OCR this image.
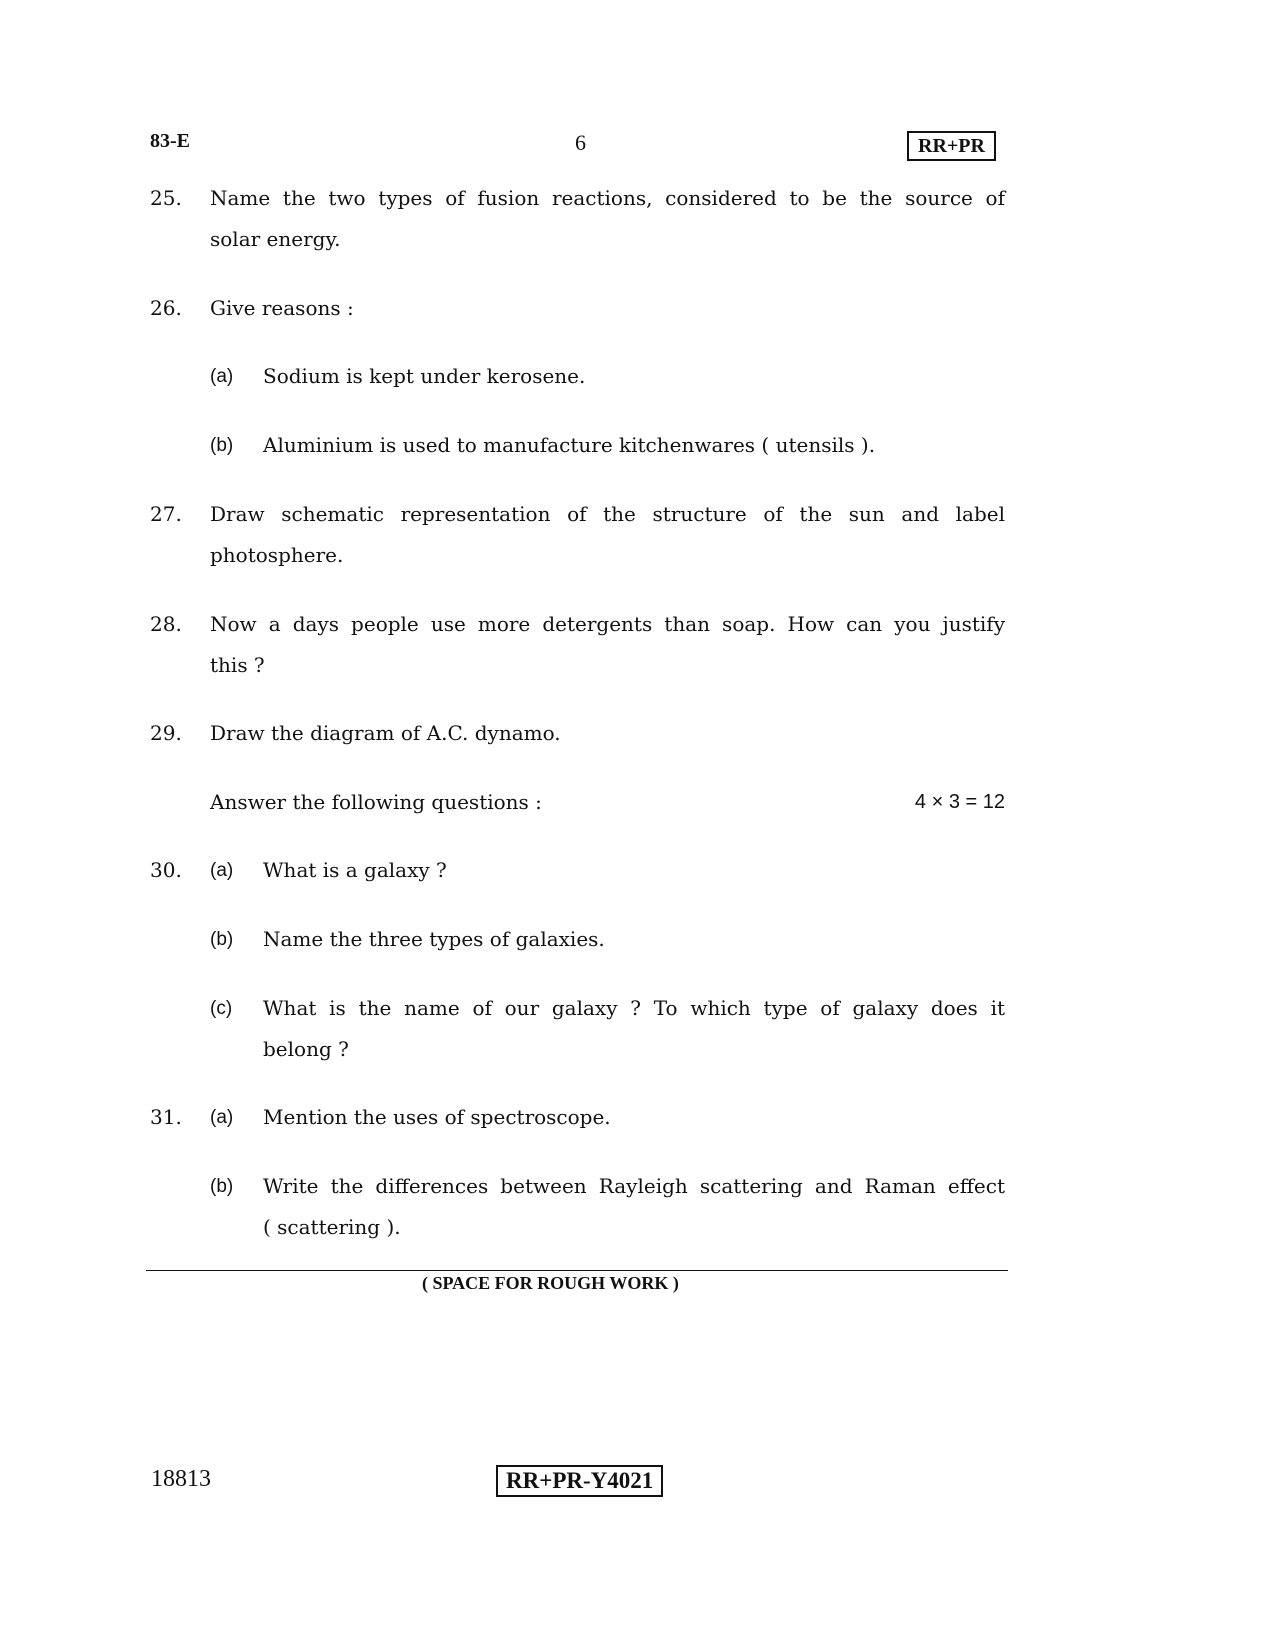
83-E	6	RR+PR
25. Name the two types of fusion reactions, considered to be the source of
solar energy.
26. Give reasons :
(a) Sodium is kept under kerosene.
(b) Aluminium is used to manufacture kitchenwares ( utensils ).
27. Draw schematic representation of the structure of the sun and label
photosphere.
28. Now a days people use more detergents than soap. How can you justify
this ?
29. Draw the diagram of A.C. dynamo.
Answer the following questions :	4 × 3 = 12
30. (a) What is a galaxy ?
(b) Name the three types of galaxies.
(c) What is the name of our galaxy ? To which type of galaxy does it
belong ?
31. (a) Mention the uses of spectroscope.
(b) Write the differences between Rayleigh scattering and Raman effect
( scattering ).
( SPACE FOR ROUGH WORK )
18813	RR+PR-Y4021
